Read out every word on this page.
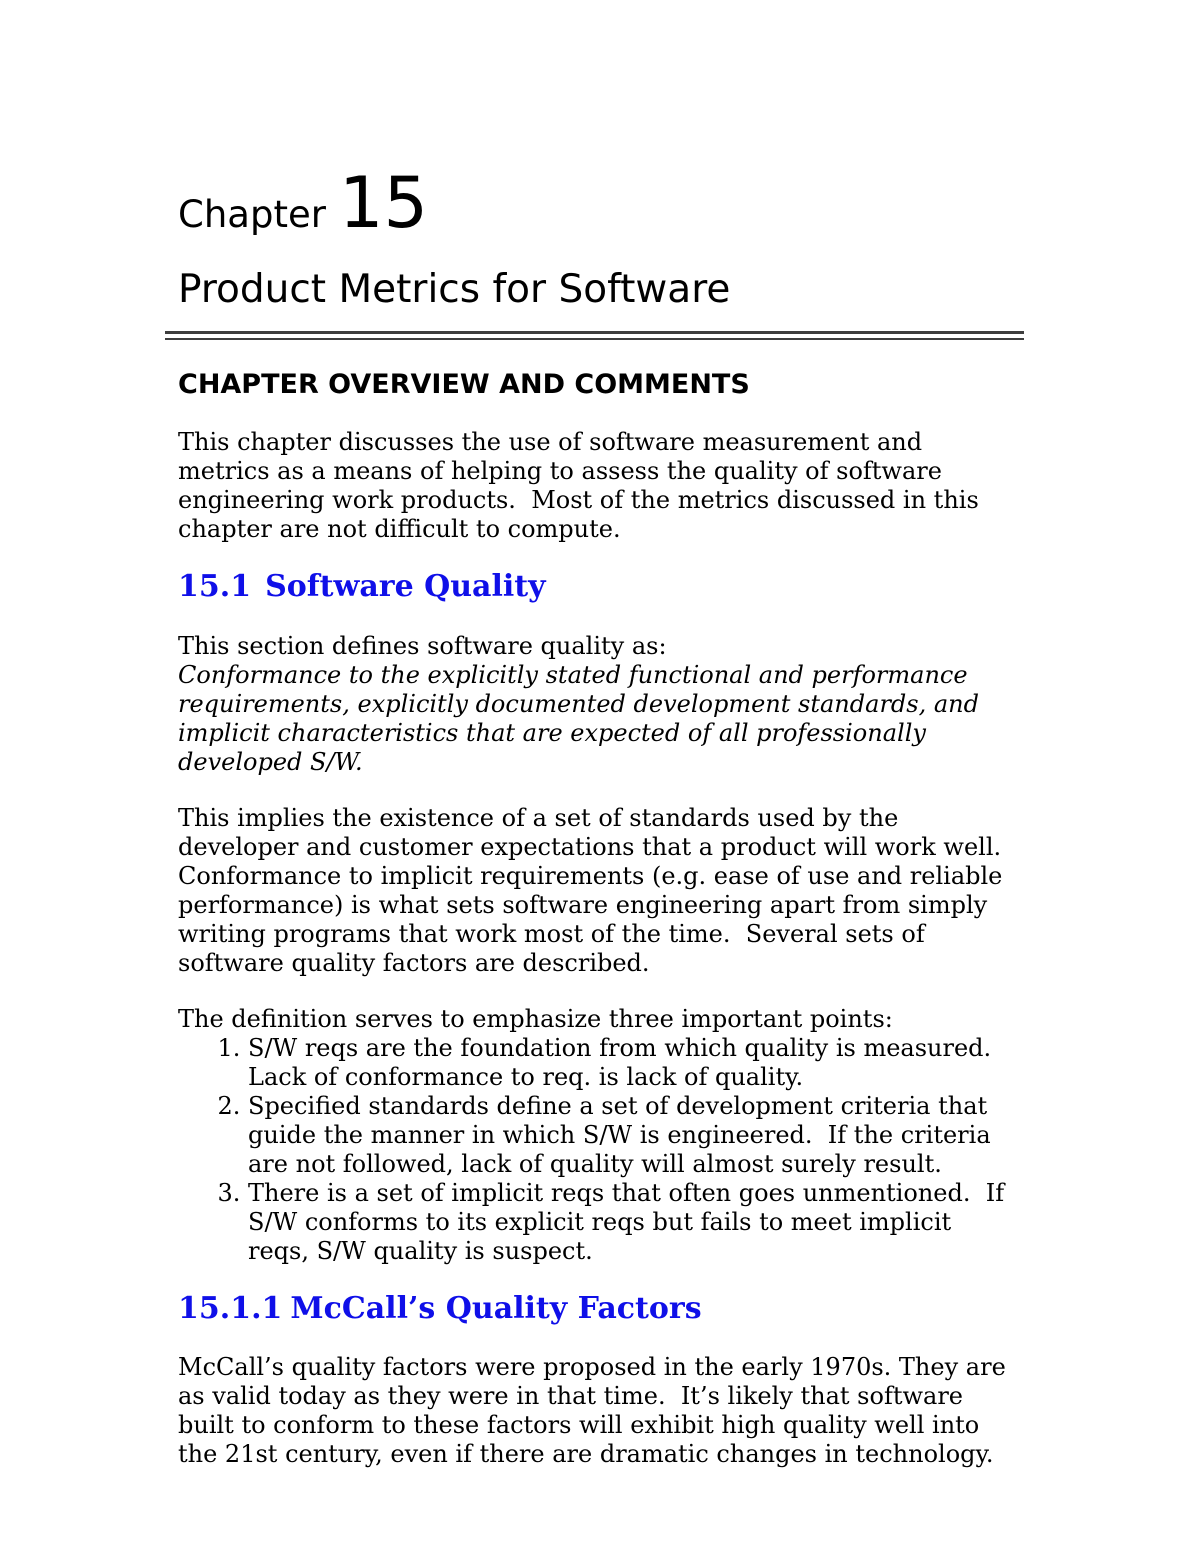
Chapter 15
Product Metrics for Software
CHAPTER OVERVIEW AND COMMENTS

This chapter discusses the use of software measurement and metrics as a means of helping to assess the quality of software engineering work products.  Most of the metrics discussed in this chapter are not difficult to compute.

15.1 Software Quality

This section defines software quality as:

Conformance to the explicitly stated functional and performance requirements, explicitly documented development standards, and implicit characteristics that are expected of all professionally developed S/W.

This implies the existence of a set of standards used by the developer and customer expectations that a product will work well.  Conformance to implicit requirements (e.g. ease of use and reliable performance) is what sets software engineering apart from simply writing programs that work most of the time.  Several sets of software quality factors are described.

The definition serves to emphasize three important points:

1. S/W reqs are the foundation from which quality is measured.  Lack of conformance to req. is lack of quality.
2. Specified standards define a set of development criteria that guide the manner in which S/W is engineered.  If the criteria are not followed, lack of quality will almost surely result.
3. There is a set of implicit reqs that often goes unmentioned.  If S/W conforms to its explicit reqs but fails to meet implicit reqs, S/W quality is suspect.
15.1.1 McCall’s Quality Factors

McCall’s quality factors were proposed in the early 1970s. They are as valid today as they were in that time.  It’s likely that software built to conform to these factors will exhibit high quality well into the 21st century, even if there are dramatic changes in technology.
